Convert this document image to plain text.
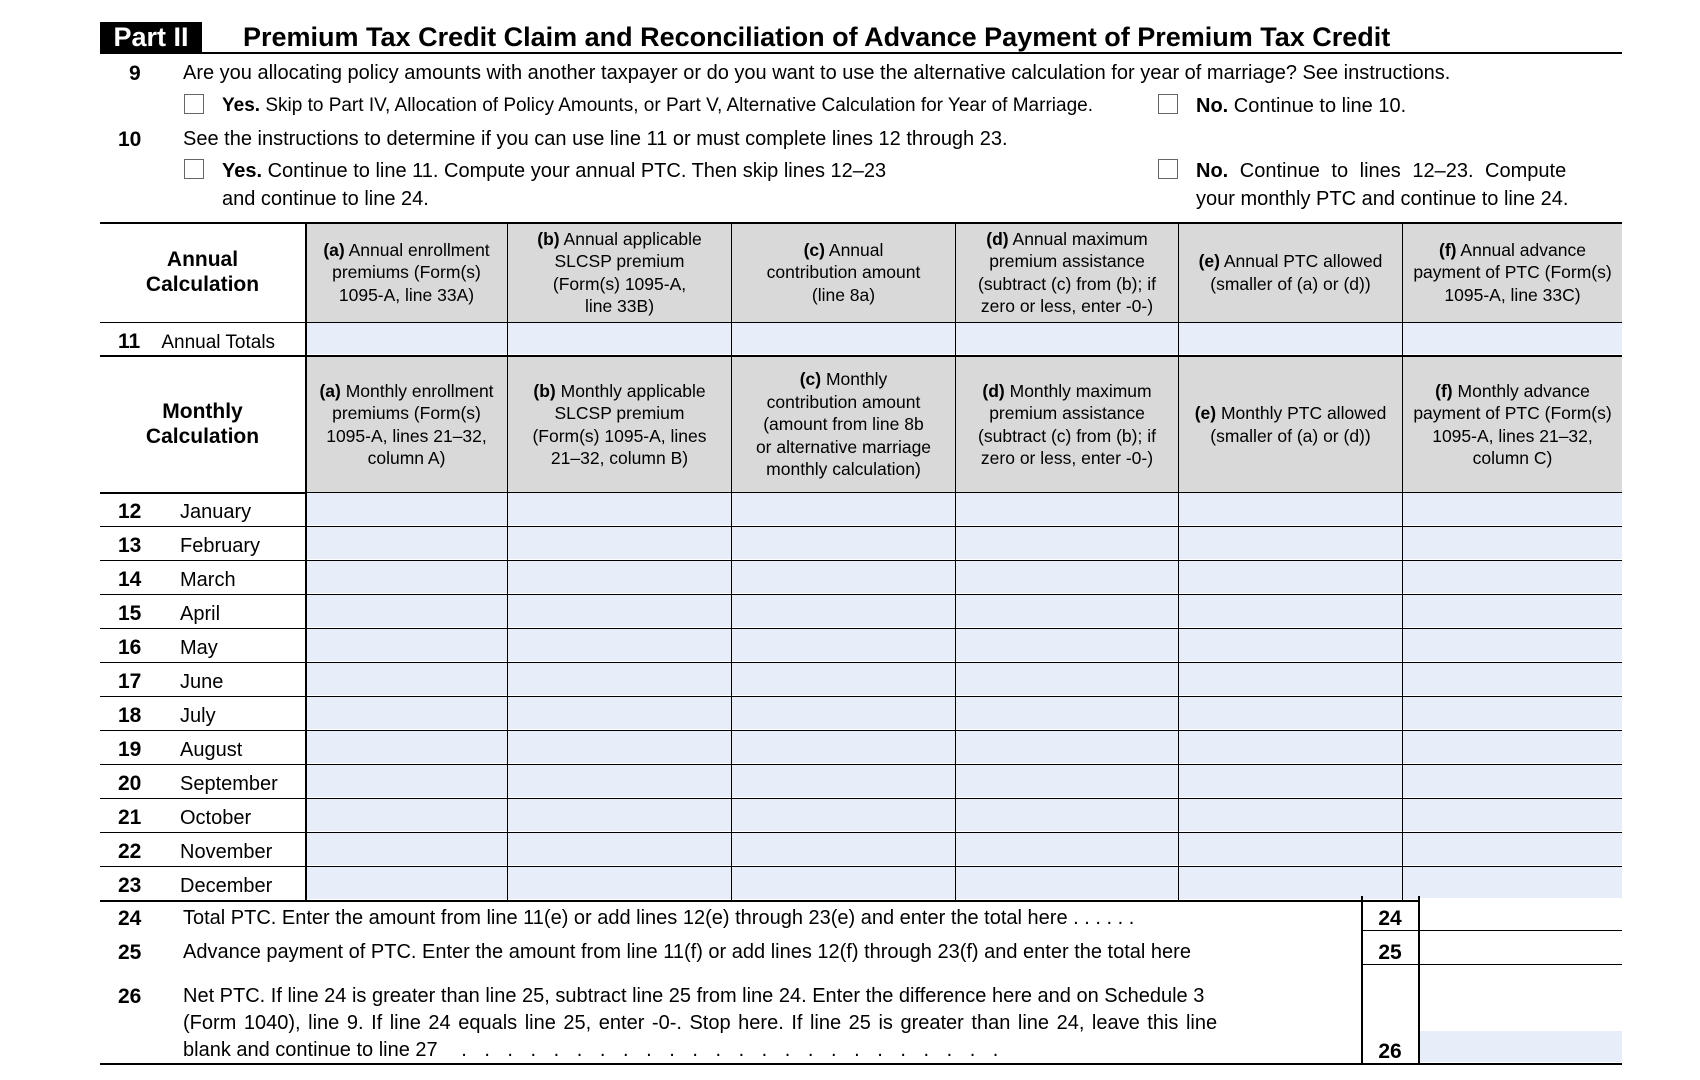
Part II	Premium Tax Credit Claim and Reconciliation of Advance Payment of Premium Tax Credit
9 Are you allocating policy amounts with another taxpayer or do you want to use the alternative calculation for year of marriage? See instructions.
Yes. Skip to Part IV, Allocation of Policy Amounts, or Part V, Alternative Calculation for Year of Marriage.	No. Continue to line 10.
10 See the instructions to determine if you can use line 11 or must complete lines 12 through 23.
Yes. Continue to line 11. Compute your annual PTC. Then skip lines 12–23
and continue to line 24.
No. Continue to lines 12–23. Compute
your monthly PTC and continue to line 24.
Annual
Calculation
(a) Annual enrollment
premiums (Form(s)
1095-A, line 33A)
(b) Annual applicable
SLCSP premium
(Form(s) 1095-A,
line 33B)
(c) Annual
contribution amount
(line 8a)
(d) Annual maximum
premium assistance
(subtract (c) from (b); if
zero or less, enter -0-)
(e) Annual PTC allowed
(smaller of (a) or (d))
(f) Annual advance
payment of PTC (Form(s)
1095-A, line 33C)
11 Annual Totals
Monthly
Calculation
(a) Monthly enrollment
premiums (Form(s)
1095-A, lines 21–32,
column A)
(b) Monthly applicable
SLCSP premium
(Form(s) 1095-A, lines
21–32, column B)
(c) Monthly
contribution amount
(amount from line 8b
or alternative marriage
monthly calculation)
(d) Monthly maximum
premium assistance
(subtract (c) from (b); if
zero or less, enter -0-)
(e) Monthly PTC allowed
(smaller of (a) or (d))
(f) Monthly advance
payment of PTC (Form(s)
1095-A, lines 21–32,
column C)
12 January
13 February
14 March
15 April
16 May
17 June
18 July
19 August
20 September
21 October
22 November
23 December
24 Total PTC. Enter the amount from line 11(e) or add lines 12(e) through 23(e) and enter the total here . . . . . .
25 Advance payment of PTC. Enter the amount from line 11(f) or add lines 12(f) through 23(f) and enter the total here
26 Net PTC. If line 24 is greater than line 25, subtract line 25 from line 24. Enter the difference here and on Schedule 3
(Form 1040), line 9. If line 24 equals line 25, enter -0-. Stop here. If line 25 is greater than line 24, leave this line
blank and continue to line 27 . . . . . . . . . . . . . . . . . . . . . . . .
24
25
26
